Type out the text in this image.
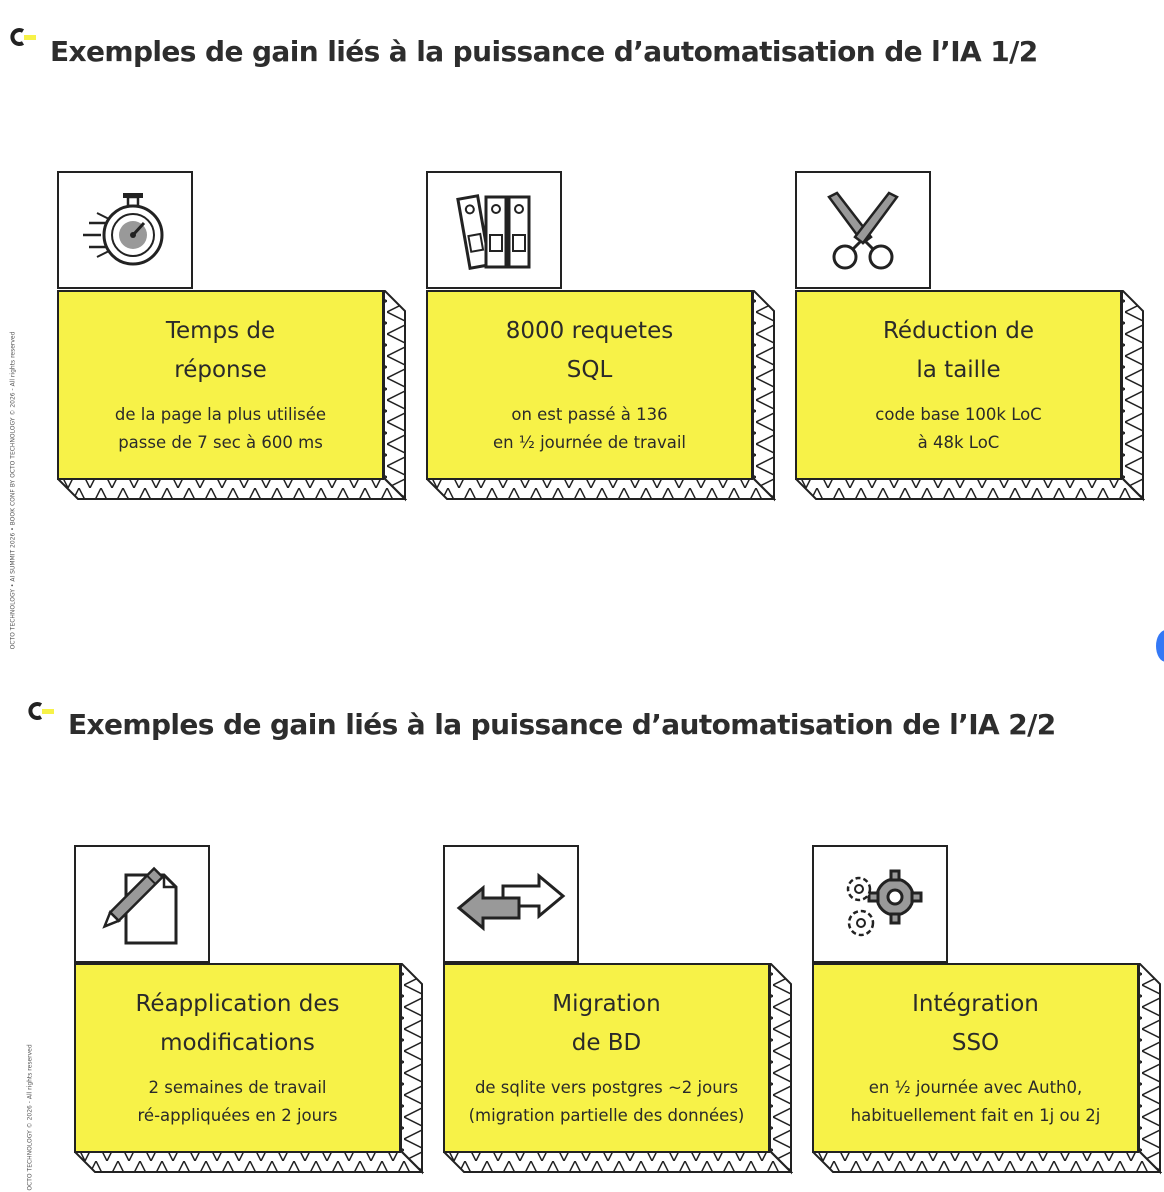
Exemples de gain liés à la puissance d’automatisation de l’IA 1/2
OCTO TECHNOLOGY • AI SUMMIT 2026 • BOOK CONF BY OCTO TECHNOLOGY © 2026 - All rights reserved
Temps de
réponse
de la page la plus utilisée
passe de 7 sec à 600 ms
8000 requetes
SQL
on est passé à 136
en ½ journée de travail
Réduction de
la taille
code base 100k LoC
à 48k LoC
Exemples de gain liés à la puissance d’automatisation de l’IA 2/2
OCTO TECHNOLOGY © 2026 - All rights reserved
Réapplication des
modifications
2 semaines de travail
ré-appliquées en 2 jours
Migration
de BD
de sqlite vers postgres ~2 jours
(migration partielle des données)
Intégration
SSO
en ½ journée avec Auth0,
habituellement fait en 1j ou 2j
